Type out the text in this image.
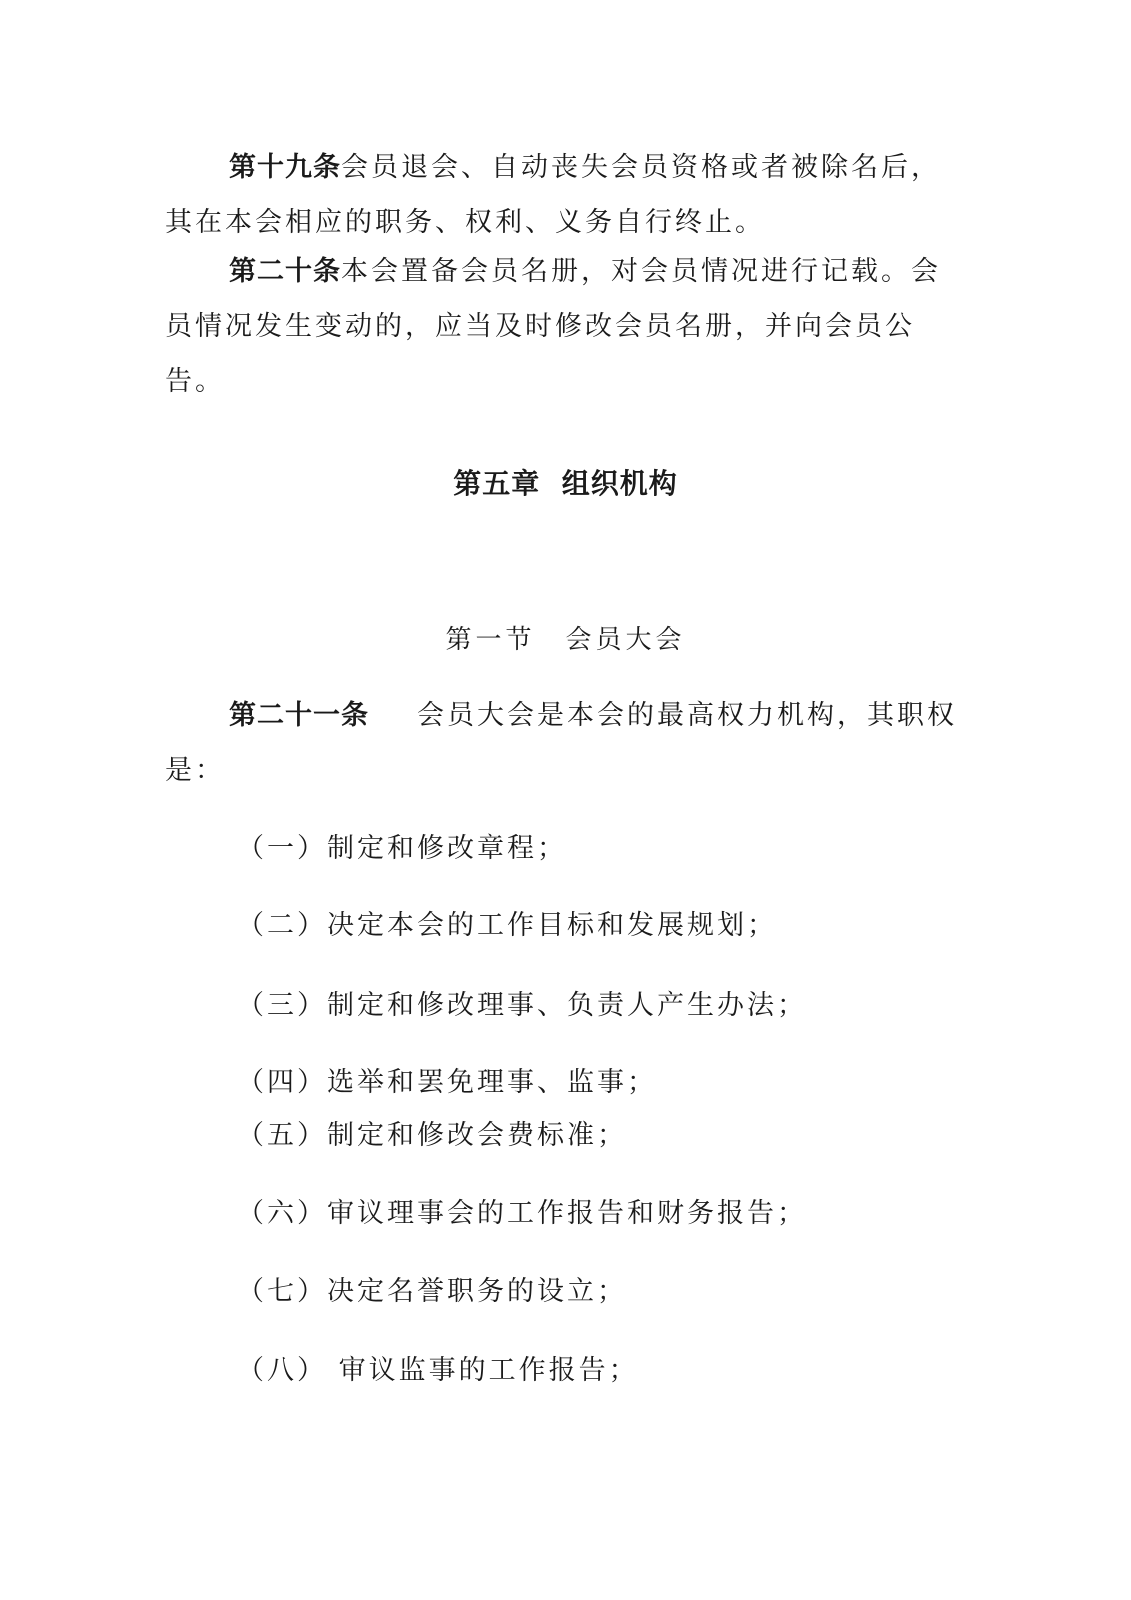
第十九条会员退会、自动丧失会员资格或者被除名后，其在本会相应的职务、权利、义务自行终止。

第二十条本会置备会员名册，对会员情况进行记载。会员情况发生变动的，应当及时修改会员名册，并向会员公告。

第五章  组织机构
第一节　会员大会

第二十一条 会员大会是本会的最高权力机构，其职权是：

（一）制定和修改章程；

（二）决定本会的工作目标和发展规划；

（三）制定和修改理事、负责人产生办法；

（四）选举和罢免理事、监事；

（五）制定和修改会费标准；

（六）审议理事会的工作报告和财务报告；

（七）决定名誉职务的设立；

（八） 审议监事的工作报告；
